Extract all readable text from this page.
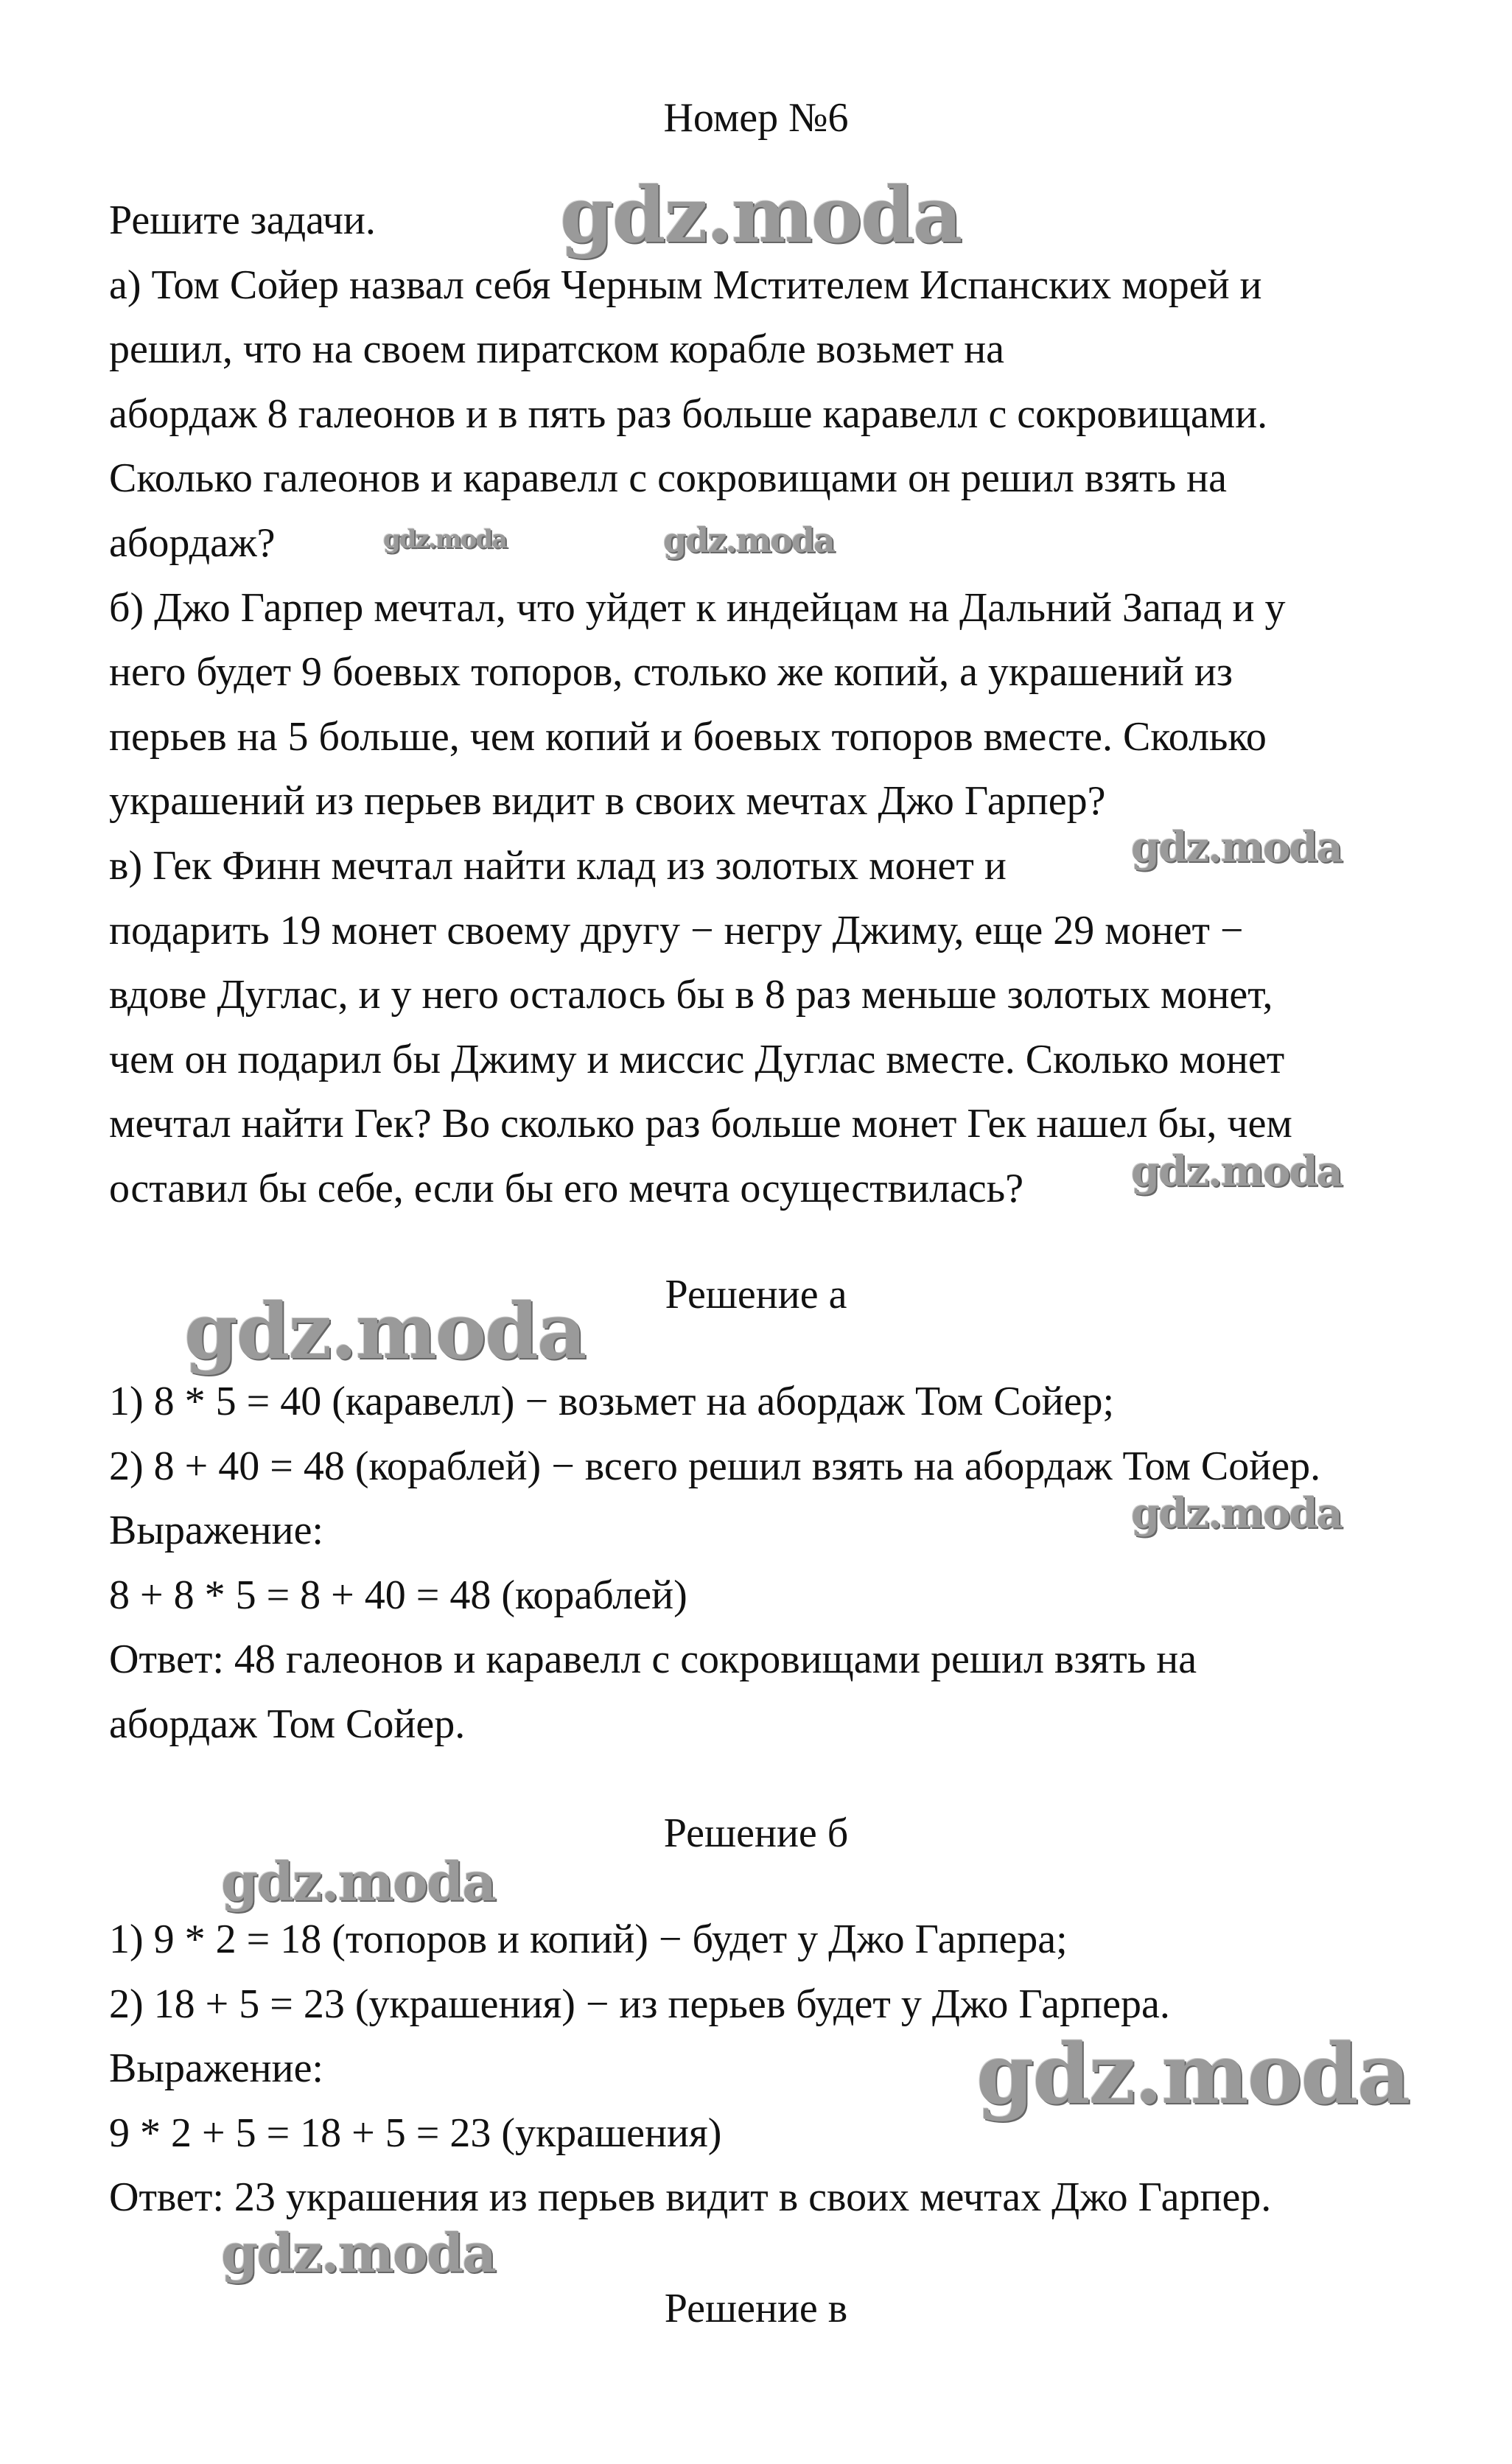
Номер №6
Решите задачи.
а) Том Сойер назвал себя Черным Мстителем Испанских морей и
решил, что на своем пиратском корабле возьмет на
абордаж 8 галеонов и в пять раз больше каравелл с сокровищами.
Сколько галеонов и каравелл с сокровищами он решил взять на
абордаж?
б) Джо Гарпер мечтал, что уйдет к индейцам на Дальний Запад и у
него будет 9 боевых топоров, столько же копий, а украшений из
перьев на 5 больше, чем копий и боевых топоров вместе. Сколько
украшений из перьев видит в своих мечтах Джо Гарпер?
в) Гек Финн мечтал найти клад из золотых монет и
подарить 19 монет своему другу − негру Джиму, еще 29 монет −
вдове Дуглас, и у него осталось бы в 8 раз меньше золотых монет,
чем он подарил бы Джиму и миссис Дуглас вместе. Сколько монет
мечтал найти Гек? Во сколько раз больше монет Гек нашел бы, чем
оставил бы себе, если бы его мечта осуществилась?
Решение а
1) 8 * 5 = 40 (каравелл) − возьмет на абордаж Том Сойер;
2) 8 + 40 = 48 (кораблей) − всего решил взять на абордаж Том Сойер.
Выражение:
8 + 8 * 5 = 8 + 40 = 48 (кораблей)
Ответ: 48 галеонов и каравелл с сокровищами решил взять на
абордаж Том Сойер.
Решение б
1) 9 * 2 = 18 (топоров и копий) − будет у Джо Гарпера;
2) 18 + 5 = 23 (украшения) − из перьев будет у Джо Гарпера.
Выражение:
9 * 2 + 5 = 18 + 5 = 23 (украшения)
Ответ: 23 украшения из перьев видит в своих мечтах Джо Гарпер.
Решение в
gdz.moda
gdz.moda	gdz.moda
gdz.moda
gdz.moda
gdz.moda
gdz.moda
gdz.moda
gdz.moda
gdz.moda
